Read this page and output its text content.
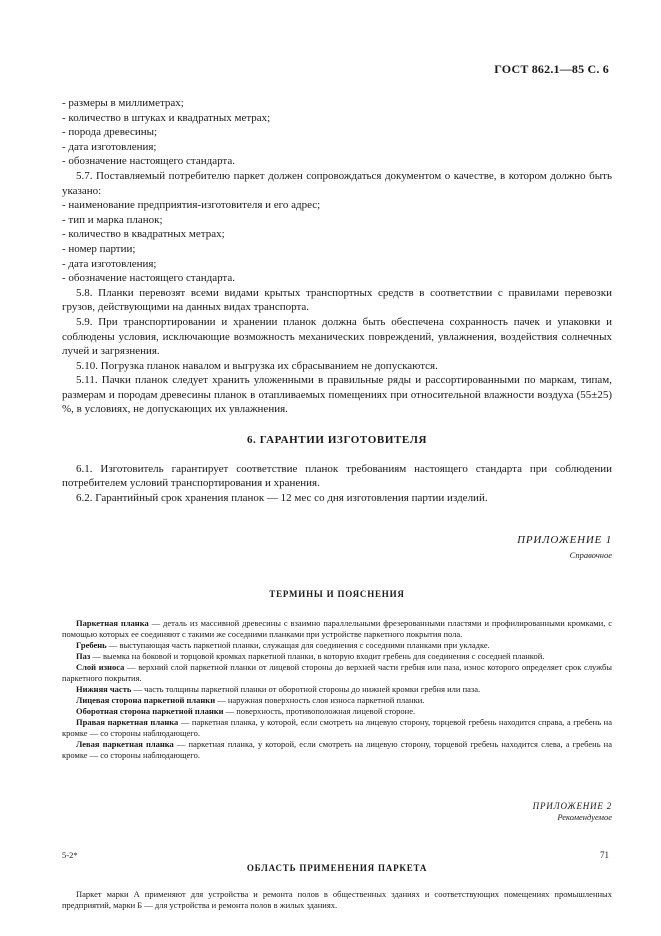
ГОСТ 862.1—85 С. 6

- размеры в миллиметрах;

- количество в штуках и квадратных метрах;

- порода древесины;

- дата изготовления;

- обозначение настоящего стандарта.

5.7. Поставляемый потребителю паркет должен сопровождаться документом о качестве, в котором должно быть указано:

- наименование предприятия-изготовителя и его адрес;

- тип и марка планок;

- количество в квадратных метрах;

- номер партии;

- дата изготовления;

- обозначение настоящего стандарта.

5.8. Планки перевозят всеми видами крытых транспортных средств в соответствии с правилами перевозки грузов, действующими на данных видах транспорта.

5.9. При транспортировании и хранении планок должна быть обеспечена сохранность пачек и упаковки и соблюдены условия, исключающие возможность механических повреждений, увлажнения, воздействия солнечных лучей и загрязнения.

5.10. Погрузка планок навалом и выгрузка их сбрасыванием не допускаются.

5.11. Пачки планок следует хранить уложенными в правильные ряды и рассортированными по маркам, типам, размерам и породам древесины планок в отапливаемых помещениях при относительной влажности воздуха (55±25) %, в условиях, не допускающих их увлажнения.

6. ГАРАНТИИ ИЗГОТОВИТЕЛЯ

6.1. Изготовитель гарантирует соответствие планок требованиям настоящего стандарта при соблюдении потребителем условий транспортирования и хранения.

6.2. Гарантийный срок хранения планок — 12 мес со дня изготовления партии изделий.

ПРИЛОЖЕНИЕ 1
Справочное
ТЕРМИНЫ И ПОЯСНЕНИЯ

Паркетная планка — деталь из массивной древесины с взаимно параллельными фрезерованными пластями и профилированными кромками, с помощью которых ее соединяют с такими же соседними планками при устройстве паркетного покрытия пола.

Гребень — выступающая часть паркетной планки, служащая для соединения с соседними планками при укладке.

Паз — выемка на боковой и торцовой кромках паркетной планки, в которую входит гребень для соединения с соседней планкой.

Слой износа — верхний слой паркетной планки от лицевой стороны до верхней части гребня или паза, износ которого определяет срок службы паркетного покрытия.

Нижняя часть — часть толщины паркетной планки от оборотной стороны до нижней кромки гребня или паза.

Лицевая сторона паркетной планки — наружная поверхность слоя износа паркетной планки.

Оборотная сторона паркетной планки — поверхность, противоположная лицевой стороне.

Правая паркетная планка — паркетная планка, у которой, если смотреть на лицевую сторону, торцевой гребень находится справа, а гребень на кромке — со стороны наблюдающего.

Левая паркетная планка — паркетная планка, у которой, если смотреть на лицевую сторону, торцевой гребень находится слева, а гребень на кромке — со стороны наблюдающего.

ПРИЛОЖЕНИЕ 2
Рекомендуемое
ОБЛАСТЬ ПРИМЕНЕНИЯ ПАРКЕТА

Паркет марки А применяют для устройства и ремонта полов в общественных зданиях и соответствующих помещениях промышленных предприятий, марки Б — для устройства и ремонта полов в жилых зданиях.

5-2*	71
